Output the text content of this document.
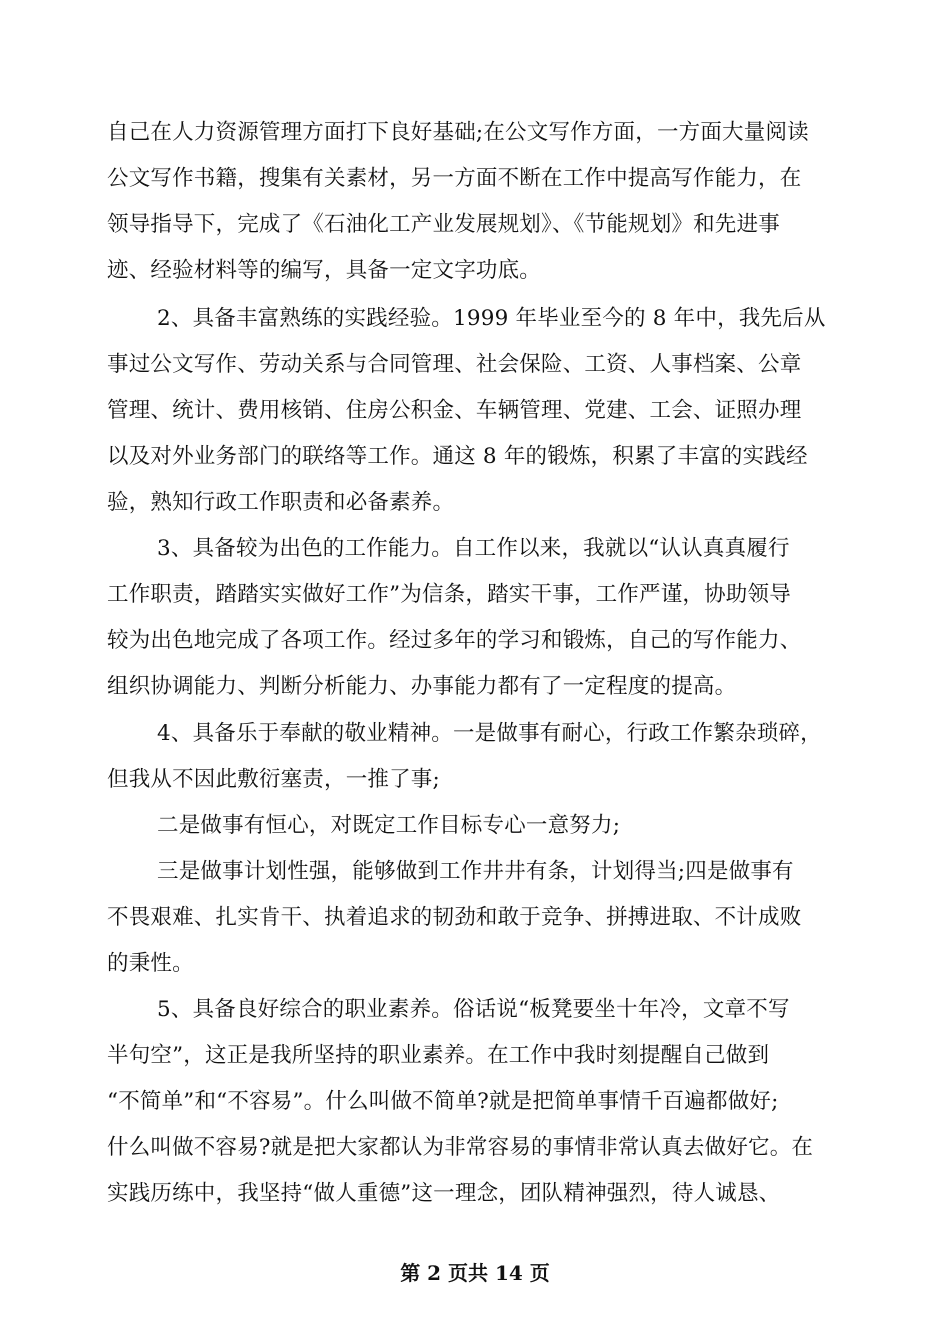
自己在人力资源管理方面打下良好基础;在公文写作方面，一方面大量阅读
公文写作书籍，搜集有关素材，另一方面不断在工作中提高写作能力，在
领导指导下，完成了《石油化工产业发展规划》、《节能规划》和先进事
迹、经验材料等的编写，具备一定文字功底。
2、具备丰富熟练的实践经验。1999 年毕业至今的 8 年中，我先后从
事过公文写作、劳动关系与合同管理、社会保险、工资、人事档案、公章
管理、统计、费用核销、住房公积金、车辆管理、党建、工会、证照办理
以及对外业务部门的联络等工作。通这 8 年的锻炼，积累了丰富的实践经
验，熟知行政工作职责和必备素养。
3、具备较为出色的工作能力。自工作以来，我就以“认认真真履行
工作职责，踏踏实实做好工作”为信条，踏实干事，工作严谨，协助领导
较为出色地完成了各项工作。经过多年的学习和锻炼，自己的写作能力、
组织协调能力、判断分析能力、办事能力都有了一定程度的提高。
4、具备乐于奉献的敬业精神。一是做事有耐心，行政工作繁杂琐碎，
但我从不因此敷衍塞责，一推了事;
二是做事有恒心，对既定工作目标专心一意努力;
三是做事计划性强，能够做到工作井井有条，计划得当;四是做事有
不畏艰难、扎实肯干、执着追求的韧劲和敢于竞争、拼搏进取、不计成败
的秉性。
5、具备良好综合的职业素养。俗话说“板凳要坐十年冷，文章不写
半句空”，这正是我所坚持的职业素养。在工作中我时刻提醒自己做到
“不简单”和“不容易”。什么叫做不简单?就是把简单事情千百遍都做好;
什么叫做不容易?就是把大家都认为非常容易的事情非常认真去做好它。在
实践历练中，我坚持“做人重德”这一理念，团队精神强烈，待人诚恳、
第 2 页共 14 页
